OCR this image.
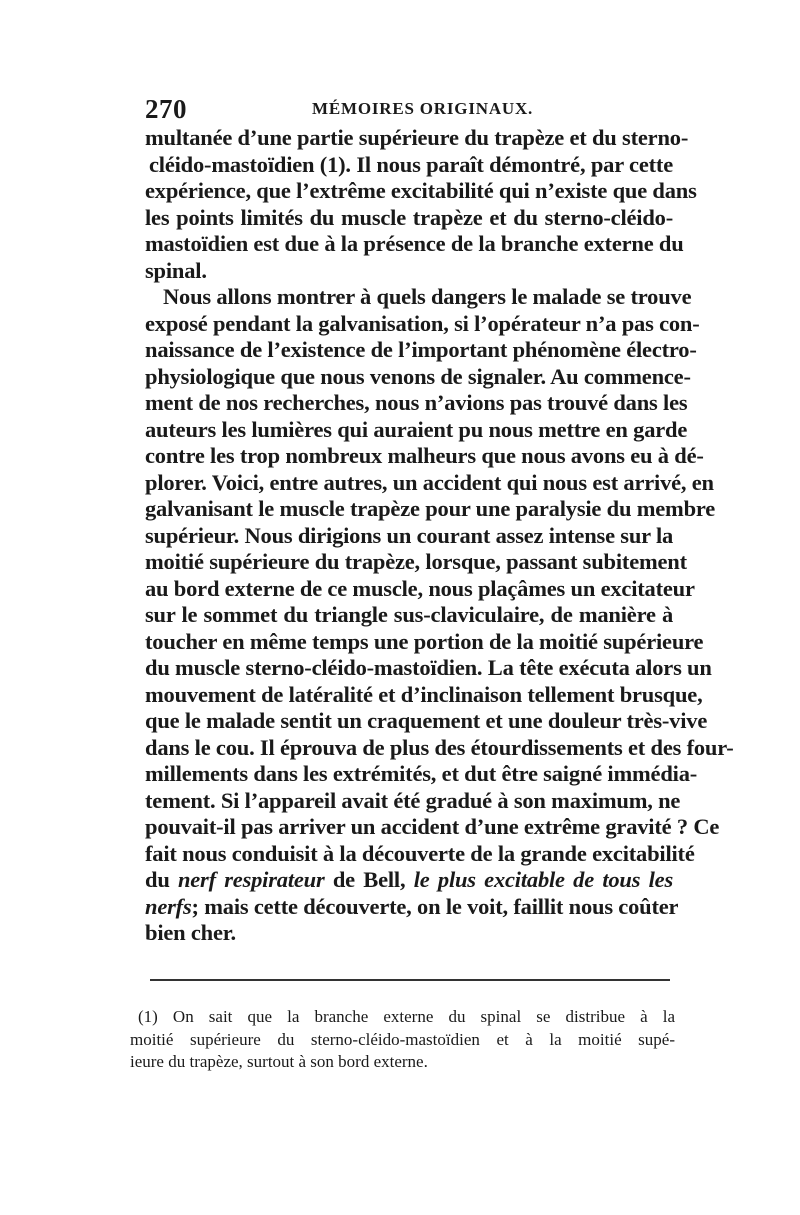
270	MÉMOIRES ORIGINAUX.
multanée d’une partie supérieure du trapèze et du sterno-
cléido-mastoïdien (1). Il nous paraît démontré, par cette
expérience, que l’extrême excitabilité qui n’existe que dans
les points limités du muscle trapèze et du sterno-cléido-
mastoïdien est due à la présence de la branche externe du
spinal.
Nous allons montrer à quels dangers le malade se trouve
exposé pendant la galvanisation, si l’opérateur n’a pas con-
naissance de l’existence de l’important phénomène électro-
physiologique que nous venons de signaler. Au commence-
ment de nos recherches, nous n’avions pas trouvé dans les
auteurs les lumières qui auraient pu nous mettre en garde
contre les trop nombreux malheurs que nous avons eu à dé-
plorer. Voici, entre autres, un accident qui nous est arrivé, en
galvanisant le muscle trapèze pour une paralysie du membre
supérieur. Nous dirigions un courant assez intense sur la
moitié supérieure du trapèze, lorsque, passant subitement
au bord externe de ce muscle, nous plaçâmes un excitateur
sur le sommet du triangle sus-claviculaire, de manière à
toucher en même temps une portion de la moitié supérieure
du muscle sterno-cléido-mastoïdien. La tête exécuta alors un
mouvement de latéralité et d’inclinaison tellement brusque,
que le malade sentit un craquement et une douleur très-vive
dans le cou. Il éprouva de plus des étourdissements et des four-
millements dans les extrémités, et dut être saigné immédia-
tement. Si l’appareil avait été gradué à son maximum, ne
pouvait-il pas arriver un accident d’une extrême gravité ? Ce
fait nous conduisit à la découverte de la grande excitabilité
du nerf respirateur de Bell, le plus excitable de tous les
nerfs; mais cette découverte, on le voit, faillit nous coûter
bien cher.
(1) On sait que la branche externe du spinal se distribue à la
moitié supérieure du sterno-cléido-mastoïdien et à la moitié supé-
ieure du trapèze, surtout à son bord externe.
